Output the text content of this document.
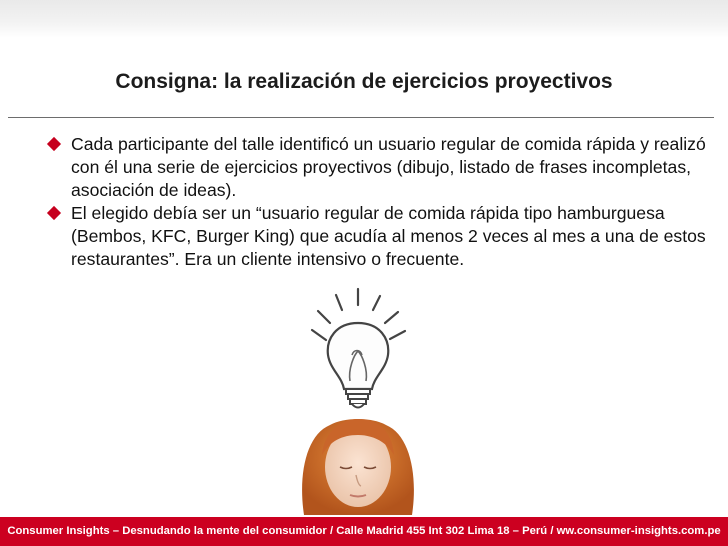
Consigna: la realización de ejercicios proyectivos
Cada participante del talle identificó un usuario regular de comida rápida y realizó con él una serie de ejercicios proyectivos (dibujo, listado de frases incompletas, asociación de ideas).
El elegido debía ser un “usuario regular de comida rápida tipo hamburguesa (Bembos, KFC, Burger King) que acudía al menos 2 veces al mes a una de estos restaurantes”. Era un cliente intensivo o frecuente.
Consumer Insights – Desnudando la mente del consumidor / Calle Madrid 455 Int 302 Lima 18 – Perú / ww.consumer-insights.com.pe
